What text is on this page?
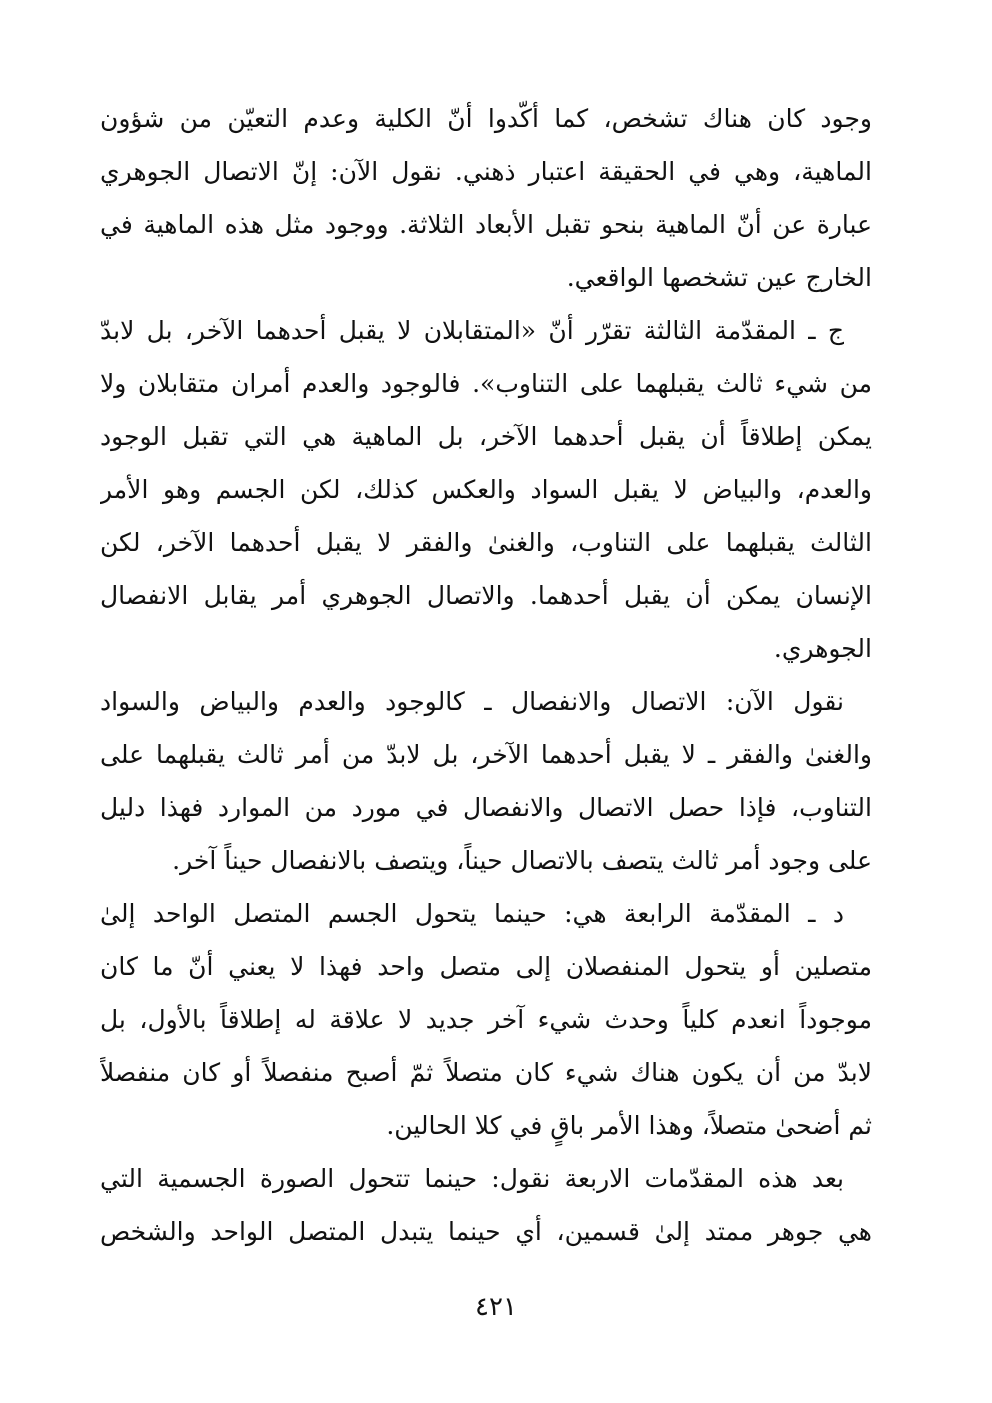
وجود كان هناك تشخص، كما أكّدوا أنّ الكلية وعدم التعيّن من شؤون
الماهية، وهي في الحقيقة اعتبار ذهني. نقول الآن: إنّ الاتصال الجوهري
عبارة عن أنّ الماهية بنحو تقبل الأبعاد الثلاثة. ووجود مثل هذه الماهية في
الخارج عين تشخصها الواقعي.
ج ـ المقدّمة الثالثة تقرّر أنّ «المتقابلان لا يقبل أحدهما الآخر، بل لابدّ
من شيء ثالث يقبلهما على التناوب». فالوجود والعدم أمران متقابلان ولا
يمكن إطلاقاً أن يقبل أحدهما الآخر، بل الماهية هي التي تقبل الوجود
والعدم، والبياض لا يقبل السواد والعكس كذلك، لكن الجسم وهو الأمر
الثالث يقبلهما على التناوب، والغنىٰ والفقر لا يقبل أحدهما الآخر، لكن
الإنسان يمكن أن يقبل أحدهما. والاتصال الجوهري أمر يقابل الانفصال
الجوهري.
نقول الآن: الاتصال والانفصال ـ كالوجود والعدم والبياض والسواد
والغنىٰ والفقر ـ لا يقبل أحدهما الآخر، بل لابدّ من أمر ثالث يقبلهما على
التناوب، فإذا حصل الاتصال والانفصال في مورد من الموارد فهذا دليل
على وجود أمر ثالث يتصف بالاتصال حيناً، ويتصف بالانفصال حيناً آخر.
د ـ المقدّمة الرابعة هي: حينما يتحول الجسم المتصل الواحد إلىٰ
متصلين أو يتحول المنفصلان إلى متصل واحد فهذا لا يعني أنّ ما كان
موجوداً انعدم كلياً وحدث شيء آخر جديد لا علاقة له إطلاقاً بالأول، بل
لابدّ من أن يكون هناك شيء كان متصلاً ثمّ أصبح منفصلاً أو كان منفصلاً
ثم أضحىٰ متصلاً، وهذا الأمر باقٍ في كلا الحالين.
بعد هذه المقدّمات الاربعة نقول: حينما تتحول الصورة الجسمية التي
هي جوهر ممتد إلىٰ قسمين، أي حينما يتبدل المتصل الواحد والشخص
٤٢١
